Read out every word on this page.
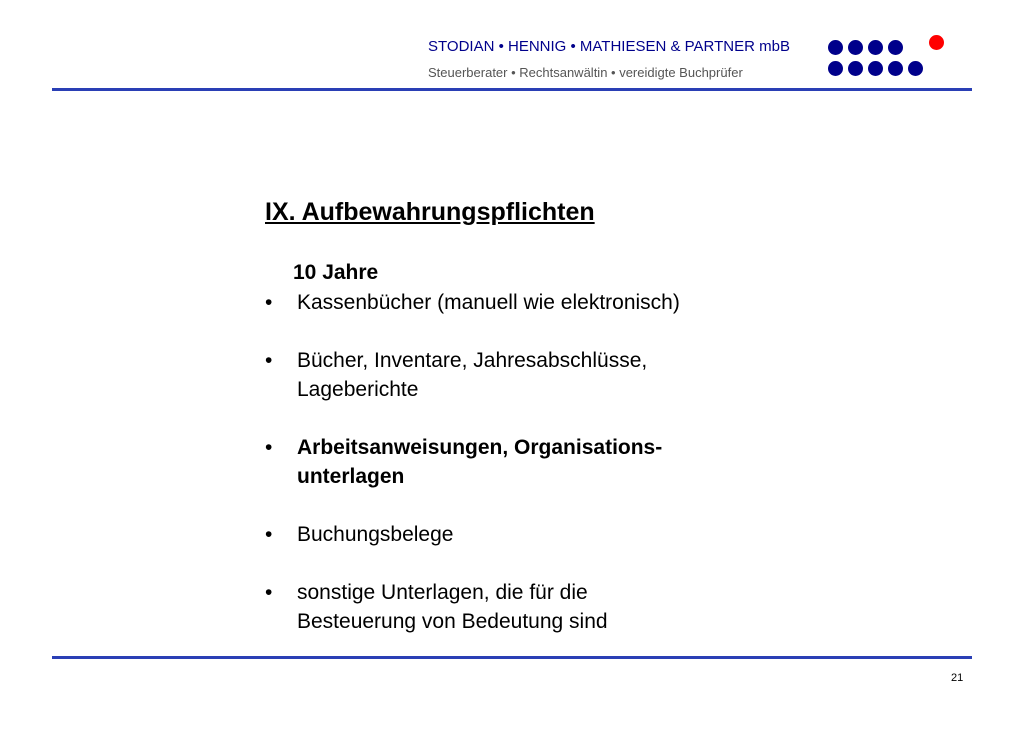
STODIAN • HENNIG • MATHIESEN & PARTNER mbB
Steuerberater • Rechtsanwältin • vereidigte Buchprüfer
IX. Aufbewahrungspflichten
10 Jahre
• Kassenbücher (manuell wie elektronisch)
• Bücher, Inventare, Jahresabschlüsse,
Lageberichte
• Arbeitsanweisungen, Organisations-
unterlagen
• Buchungsbelege
• sonstige Unterlagen, die für die
Besteuerung von Bedeutung sind
21
